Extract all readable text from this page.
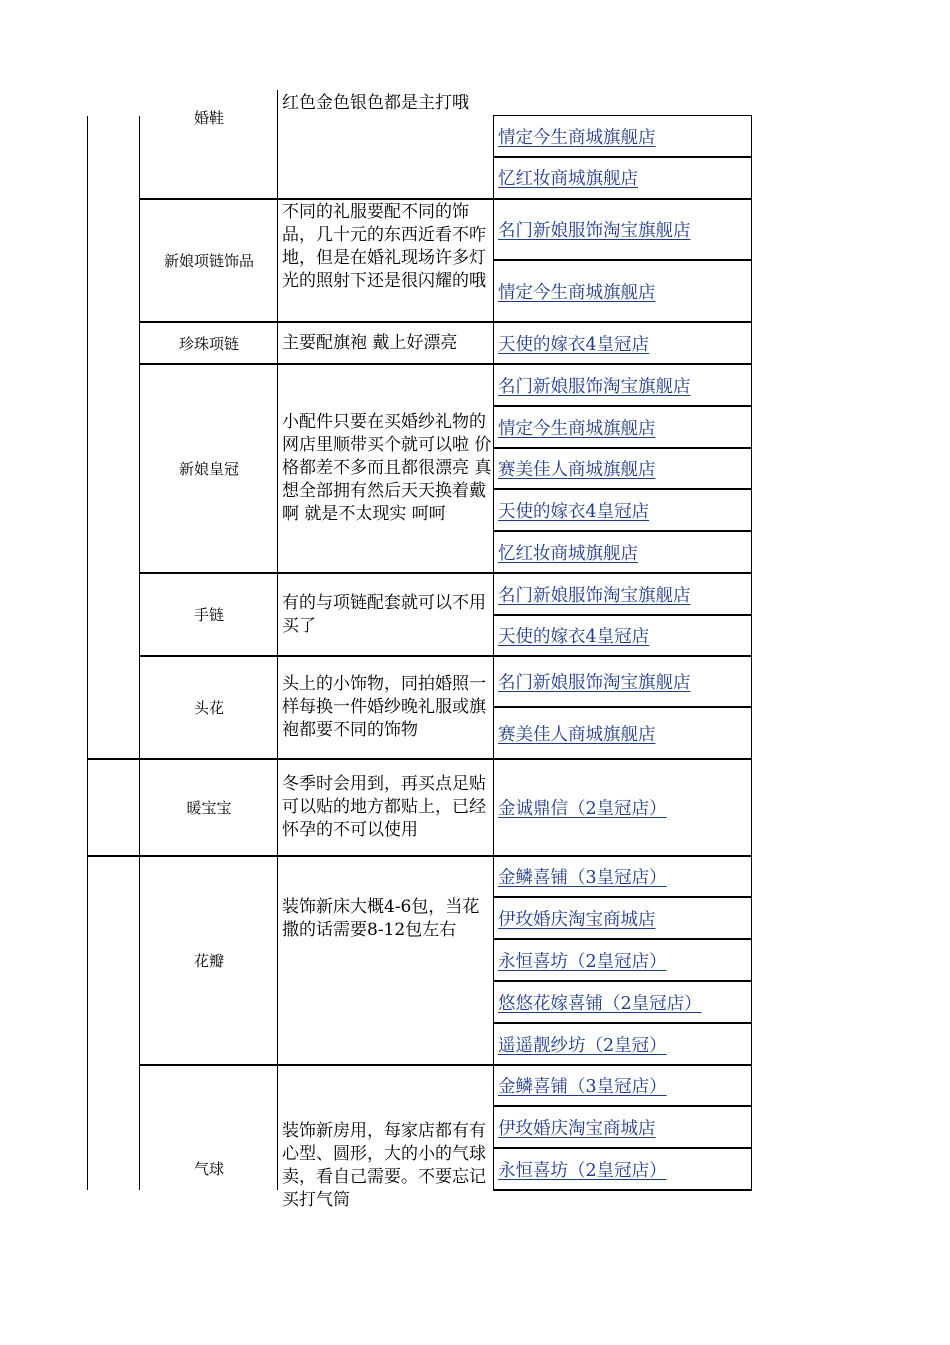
婚鞋
红色金色银色都是主打哦
情定今生商城旗舰店
忆红妆商城旗舰店
新娘项链饰品
不同的礼服要配不同的饰品，几十元的东西近看不咋地，但是在婚礼现场许多灯光的照射下还是很闪耀的哦
名门新娘服饰淘宝旗舰店
情定今生商城旗舰店
珍珠项链	主要配旗袍 戴上好漂亮	天使的嫁衣4皇冠店
新娘皇冠
小配件只要在买婚纱礼物的网店里顺带买个就可以啦 价格都差不多而且都很漂亮 真想全部拥有然后天天换着戴啊 就是不太现实 呵呵
名门新娘服饰淘宝旗舰店
情定今生商城旗舰店
赛美佳人商城旗舰店
天使的嫁衣4皇冠店
忆红妆商城旗舰店
手链
有的与项链配套就可以不用买了
名门新娘服饰淘宝旗舰店
天使的嫁衣4皇冠店
头花
头上的小饰物，同拍婚照一样每换一件婚纱晚礼服或旗袍都要不同的饰物
名门新娘服饰淘宝旗舰店
赛美佳人商城旗舰店
暖宝宝
冬季时会用到，再买点足贴 可以贴的地方都贴上，已经怀孕的不可以使用
金诚鼎信（2皇冠店）
花瓣
装饰新床大概4-6包，当花撒的话需要8-12包左右
金鳞喜铺（3皇冠店）
伊玫婚庆淘宝商城店
永恒喜坊（2皇冠店）
悠悠花嫁喜铺（2皇冠店）
遥遥靓纱坊（2皇冠）
气球
装饰新房用，每家店都有有心型、圆形，大的小的气球卖，看自己需要。不要忘记买打气筒
金鳞喜铺（3皇冠店）
伊玫婚庆淘宝商城店
永恒喜坊（2皇冠店）
